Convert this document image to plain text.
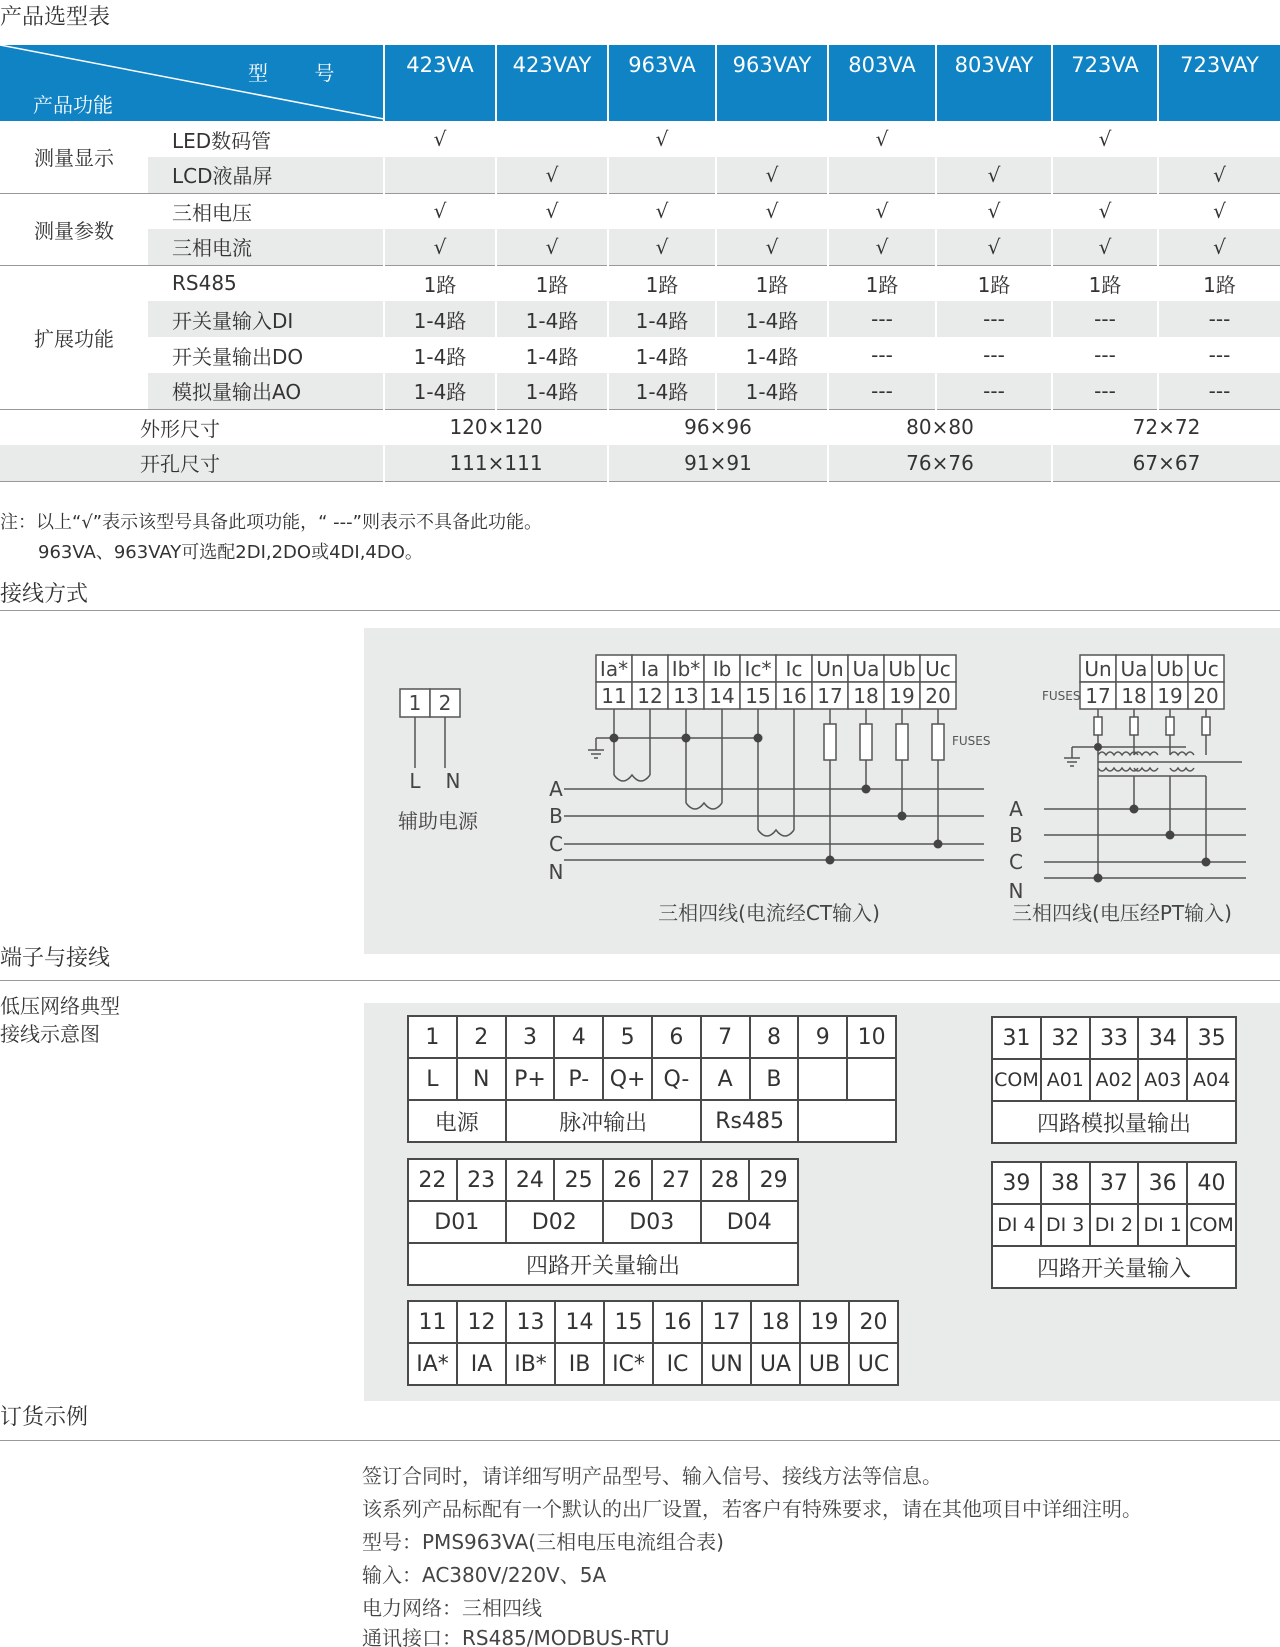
产品选型表
型 号
产品功能		423VA	423VAY	963VA	963VAY	803VA	803VAY	723VA	723VAY
测量显示	LED数码管	√		√		√		√	
	LCD液晶屏		√		√		√		√
测量参数	三相电压	√	√	√	√	√	√	√	√
	三相电流	√	√	√	√	√	√	√	√
扩展功能	RS485	1路	1路	1路	1路	1路	1路	1路	1路
	开关量输入DI	1-4路	1-4路	1-4路	1-4路	---	---	---	---
	开关量输出DO	1-4路	1-4路	1-4路	1-4路	---	---	---	---
	模拟量输出AO	1-4路	1-4路	1-4路	1-4路	---	---	---	---
外形尺寸		120×120		96×96		80×80		72×72	
开孔尺寸		111×111		91×91		76×76		67×67	
注：以上“√”表示该型号具备此项功能，“ ---”则表示不具备此功能。
963VA、963VAY可选配2DI,2DO或4DI,4DO。
接线方式
1 2
L N
辅助电源
Ia* Ia Ib* Ib Ic* Ic Un Ua Ub Uc
11 12 13 14 15 16 17 18 19 20
FUSES
A
B
C
N
三相四线(电流经CT输入)
Un Ua Ub Uc
17 18 19 20
FUSES
A
B
C
N
三相四线(电压经PT输入)
端子与接线
低压网络典型
接线示意图	1	2	3	4	5	6	7	8	9	10
L	N	P+	P-	Q+	Q-	A	B		
电源		脉冲输出				Rs485			
22	23	24	25	26	27	28	29
D01		D02		D03		D04	
四路开关量输出							
11	12	13	14	15	16	17	18	19	20
IA*	IA	IB*	IB	IC*	IC	UN	UA	UB	UC
31	32	33	34	35
COM	A01	A02	A03	A04
四路模拟量输出				
39	38	37	36	40
DI 4	DI 3	DI 2	DI 1	COM
四路开关量输入				
订货示例
签订合同时，请详细写明产品型号、输入信号、接线方法等信息。
该系列产品标配有一个默认的出厂设置，若客户有特殊要求，请在其他项目中详细注明。
型号：PMS963VA(三相电压电流组合表)
输入：AC380V/220V、5A
电力网络：三相四线
通讯接口：RS485/MODBUS-RTU
